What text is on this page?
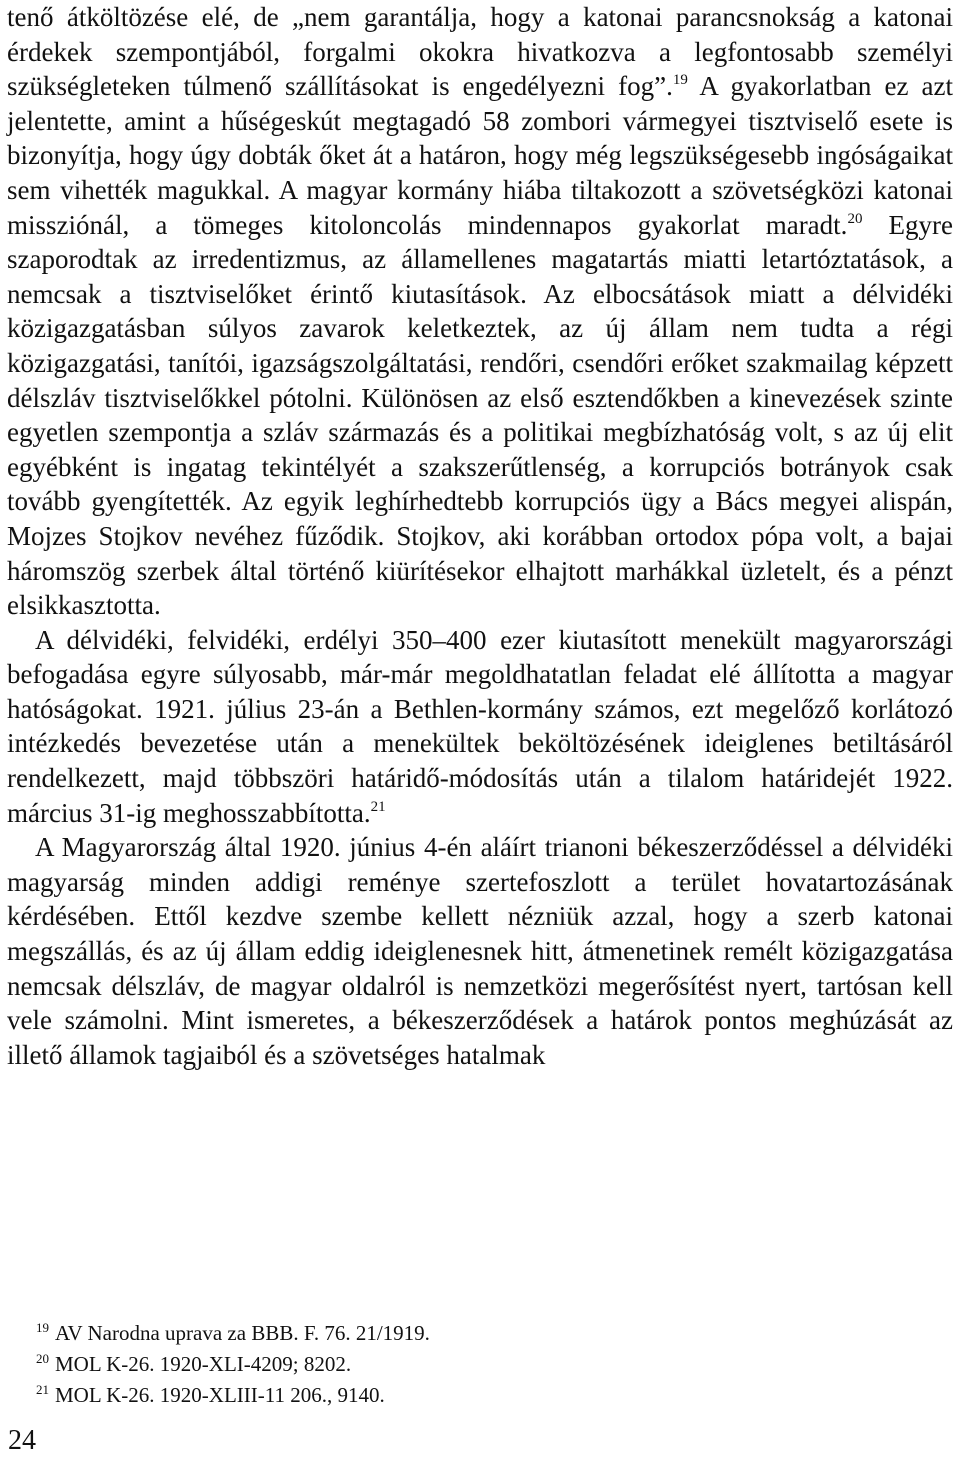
tenő átköltözése elé, de „nem garantálja, hogy a katonai parancsnokság a katonai érdekek szempontjából, forgalmi okokra hivatkozva a legfontosabb személyi szükségleteken túlmenő szállításokat is engedélyezni fog”.$^{19}$ A gyakorlatban ez azt jelentette, amint a hűségeskút megtagadó 58 zombori vármegyei tisztviselő esete is bizonyítja, hogy úgy dobták őket át a határon, hogy még legszükségesebb ingóságaikat sem vihették magukkal. A magyar kormány hiába tiltakozott a szövetségközi katonai missziónál, a tömeges kitoloncolás mindennapos gyakorlat maradt.$^{20}$ Egyre szaporodtak az irredentizmus, az államellenes magatartás miatti letartóztatások, a nemcsak a tisztviselőket érintő kiutasítások. Az elbocsátások miatt a délvidéki közigazgatásban súlyos zavarok keletkeztek, az új állam nem tudta a régi közigazgatási, tanítói, igazságszolgáltatási, rendőri, csendőri erőket szakmailag képzett délszláv tisztviselőkkel pótolni. Különösen az első esztendőkben a kinevezések szinte egyetlen szempontja a szláv származás és a politikai megbízhatóság volt, s az új elit egyébként is ingatag tekintélyét a szakszerűtlenség, a korrupciós botrányok csak tovább gyengítették. Az egyik leghírhedtebb korrupciós ügy a Bács megyei alispán, Mojzes Stojkov nevéhez fűződik. Stojkov, aki korábban ortodox pópa volt, a bajai háromszög szerbek által történő kiürítésekor elhajtott marhákkal üzletelt, és a pénzt elsikkasztotta.

A délvidéki, felvidéki, erdélyi 350–400 ezer kiutasított menekült magyarországi befogadása egyre súlyosabb, már-már megoldhatatlan feladat elé állította a magyar hatóságokat. 1921. július 23-án a Bethlen-kormány számos, ezt megelőző korlátozó intézkedés bevezetése után a menekültek beköltözésének ideiglenes betiltásáról rendelkezett, majd többszöri határidő-módosítás után a tilalom határidejét 1922. március 31-ig meghosszabbította.$^{21}$

A Magyarország által 1920. június 4-én aláírt trianoni békeszerződéssel a délvidéki magyarság minden addigi reménye szertefoszlott a terület hovatartozásának kérdésében. Ettől kezdve szembe kellett nézniük azzal, hogy a szerb katonai megszállás, és az új állam eddig ideiglenesnek hitt, átmenetinek remélt közigazgatása nemcsak délszláv, de magyar oldalról is nemzetközi megerősítést nyert, tartósan kell vele számolni. Mint ismeretes, a békeszerződések a határok pontos meghúzását az illető államok tagjaiból és a szövetséges hatalmak

$^{19}$ AV Narodna uprava za BBB. F. 76. 21/1919.
$^{20}$ MOL K-26. 1920-XLI-4209; 8202.
$^{21}$ MOL K-26. 1920-XLIII-11 206., 9140.
24
